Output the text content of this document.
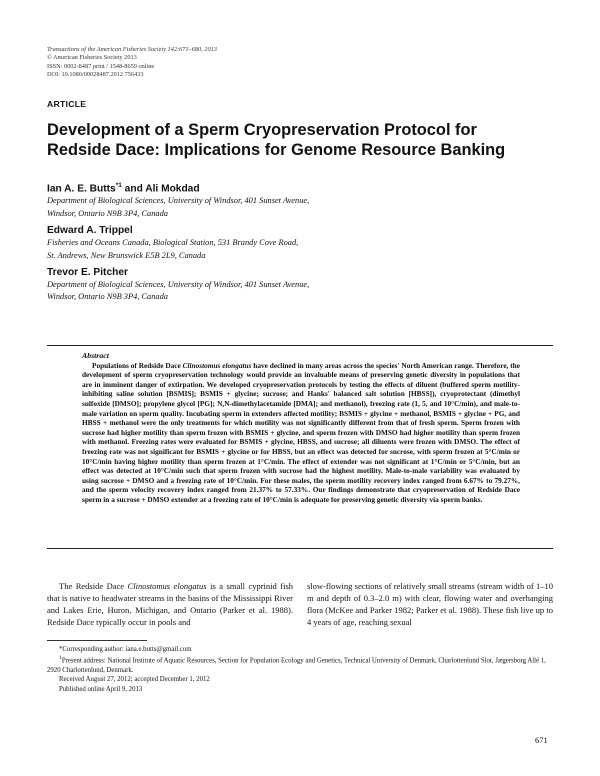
Transactions of the American Fisheries Society 142:671–680, 2013
© American Fisheries Society 2013
ISSN: 0002-8487 print / 1548-8659 online
DOI: 10.1080/00028487.2012.756433
ARTICLE
Development of a Sperm Cryopreservation Protocol for
Redside Dace: Implications for Genome Resource Banking
Ian A. E. Butts$^{*1}$ and Ali Mokdad
Department of Biological Sciences, University of Windsor, 401 Sunset Avenue,
Windsor, Ontario N9B 3P4, Canada
Edward A. Trippel
Fisheries and Oceans Canada, Biological Station, 531 Brandy Cove Road,
St. Andrews, New Brunswick E5B 2L9, Canada
Trevor E. Pitcher
Department of Biological Sciences, University of Windsor, 401 Sunset Avenue,
Windsor, Ontario N9B 3P4, Canada
Abstract
Populations of Redside Dace Clinostomus elongatus have declined in many areas across the species' North American range. Therefore, the development of sperm cryopreservation technology would provide an invaluable means of preserving genetic diversity in populations that are in imminent danger of extirpation. We developed cryopreservation protocols by testing the effects of diluent (buffered sperm motility-inhibiting saline solution [BSMIS]; BSMIS + glycine; sucrose; and Hanks' balanced salt solution [HBSS]), cryoprotectant (dimethyl sulfoxide [DMSO]; propylene glycol [PG]; N,N-dimethylacetamide [DMA]; and methanol), freezing rate (1, 5, and 10°C/min), and male-to-male variation on sperm quality. Incubating sperm in extenders affected motility; BSMIS + glycine + methanol, BSMIS + glycine + PG, and HBSS + methanol were the only treatments for which motility was not significantly different from that of fresh sperm. Sperm frozen with sucrose had higher motility than sperm frozen with BSMIS + glycine, and sperm frozen with DMSO had higher motility than sperm frozen with methanol. Freezing rates were evaluated for BSMIS + glycine, HBSS, and sucrose; all diluents were frozen with DMSO. The effect of freezing rate was not significant for BSMIS + glycine or for HBSS, but an effect was detected for sucrose, with sperm frozen at 5°C/min or 10°C/min having higher motility than sperm frozen at 1°C/min. The effect of extender was not significant at 1°C/min or 5°C/min, but an effect was detected at 10°C/min such that sperm frozen with sucrose had the highest motility. Male-to-male variability was evaluated by using sucrose + DMSO and a freezing rate of 10°C/min. For these males, the sperm motility recovery index ranged from 6.67% to 79.27%, and the sperm velocity recovery index ranged from 21.37% to 57.33%. Our findings demonstrate that cryopreservation of Redside Dace sperm in a sucrose + DMSO extender at a freezing rate of 10°C/min is adequate for preserving genetic diversity via sperm banks.
The Redside Dace Clinostomus elongatus is a small cyprinid fish that is native to headwater streams in the basins of the Mississippi River and Lakes Erie, Huron, Michigan, and Ontario (Parker et al. 1988). Redside Dace typically occur in pools and
slow-flowing sections of relatively small streams (stream width of 1–10 m and depth of 0.3–2.0 m) with clear, flowing water and overhanging flora (McKee and Parker 1982; Parker et al. 1988). These fish live up to 4 years of age, reaching sexual
*Corresponding author: iana.e.butts@gmail.com
$^1$Present address: National Institute of Aquatic Resources, Section for Population Ecology and Genetics, Technical University of Denmark, Charlottenlund Slot, Jægersborg Allé 1, 2920 Charlottenlund, Denmark.
Received August 27, 2012; accepted December 1, 2012
Published online April 9, 2013
671
